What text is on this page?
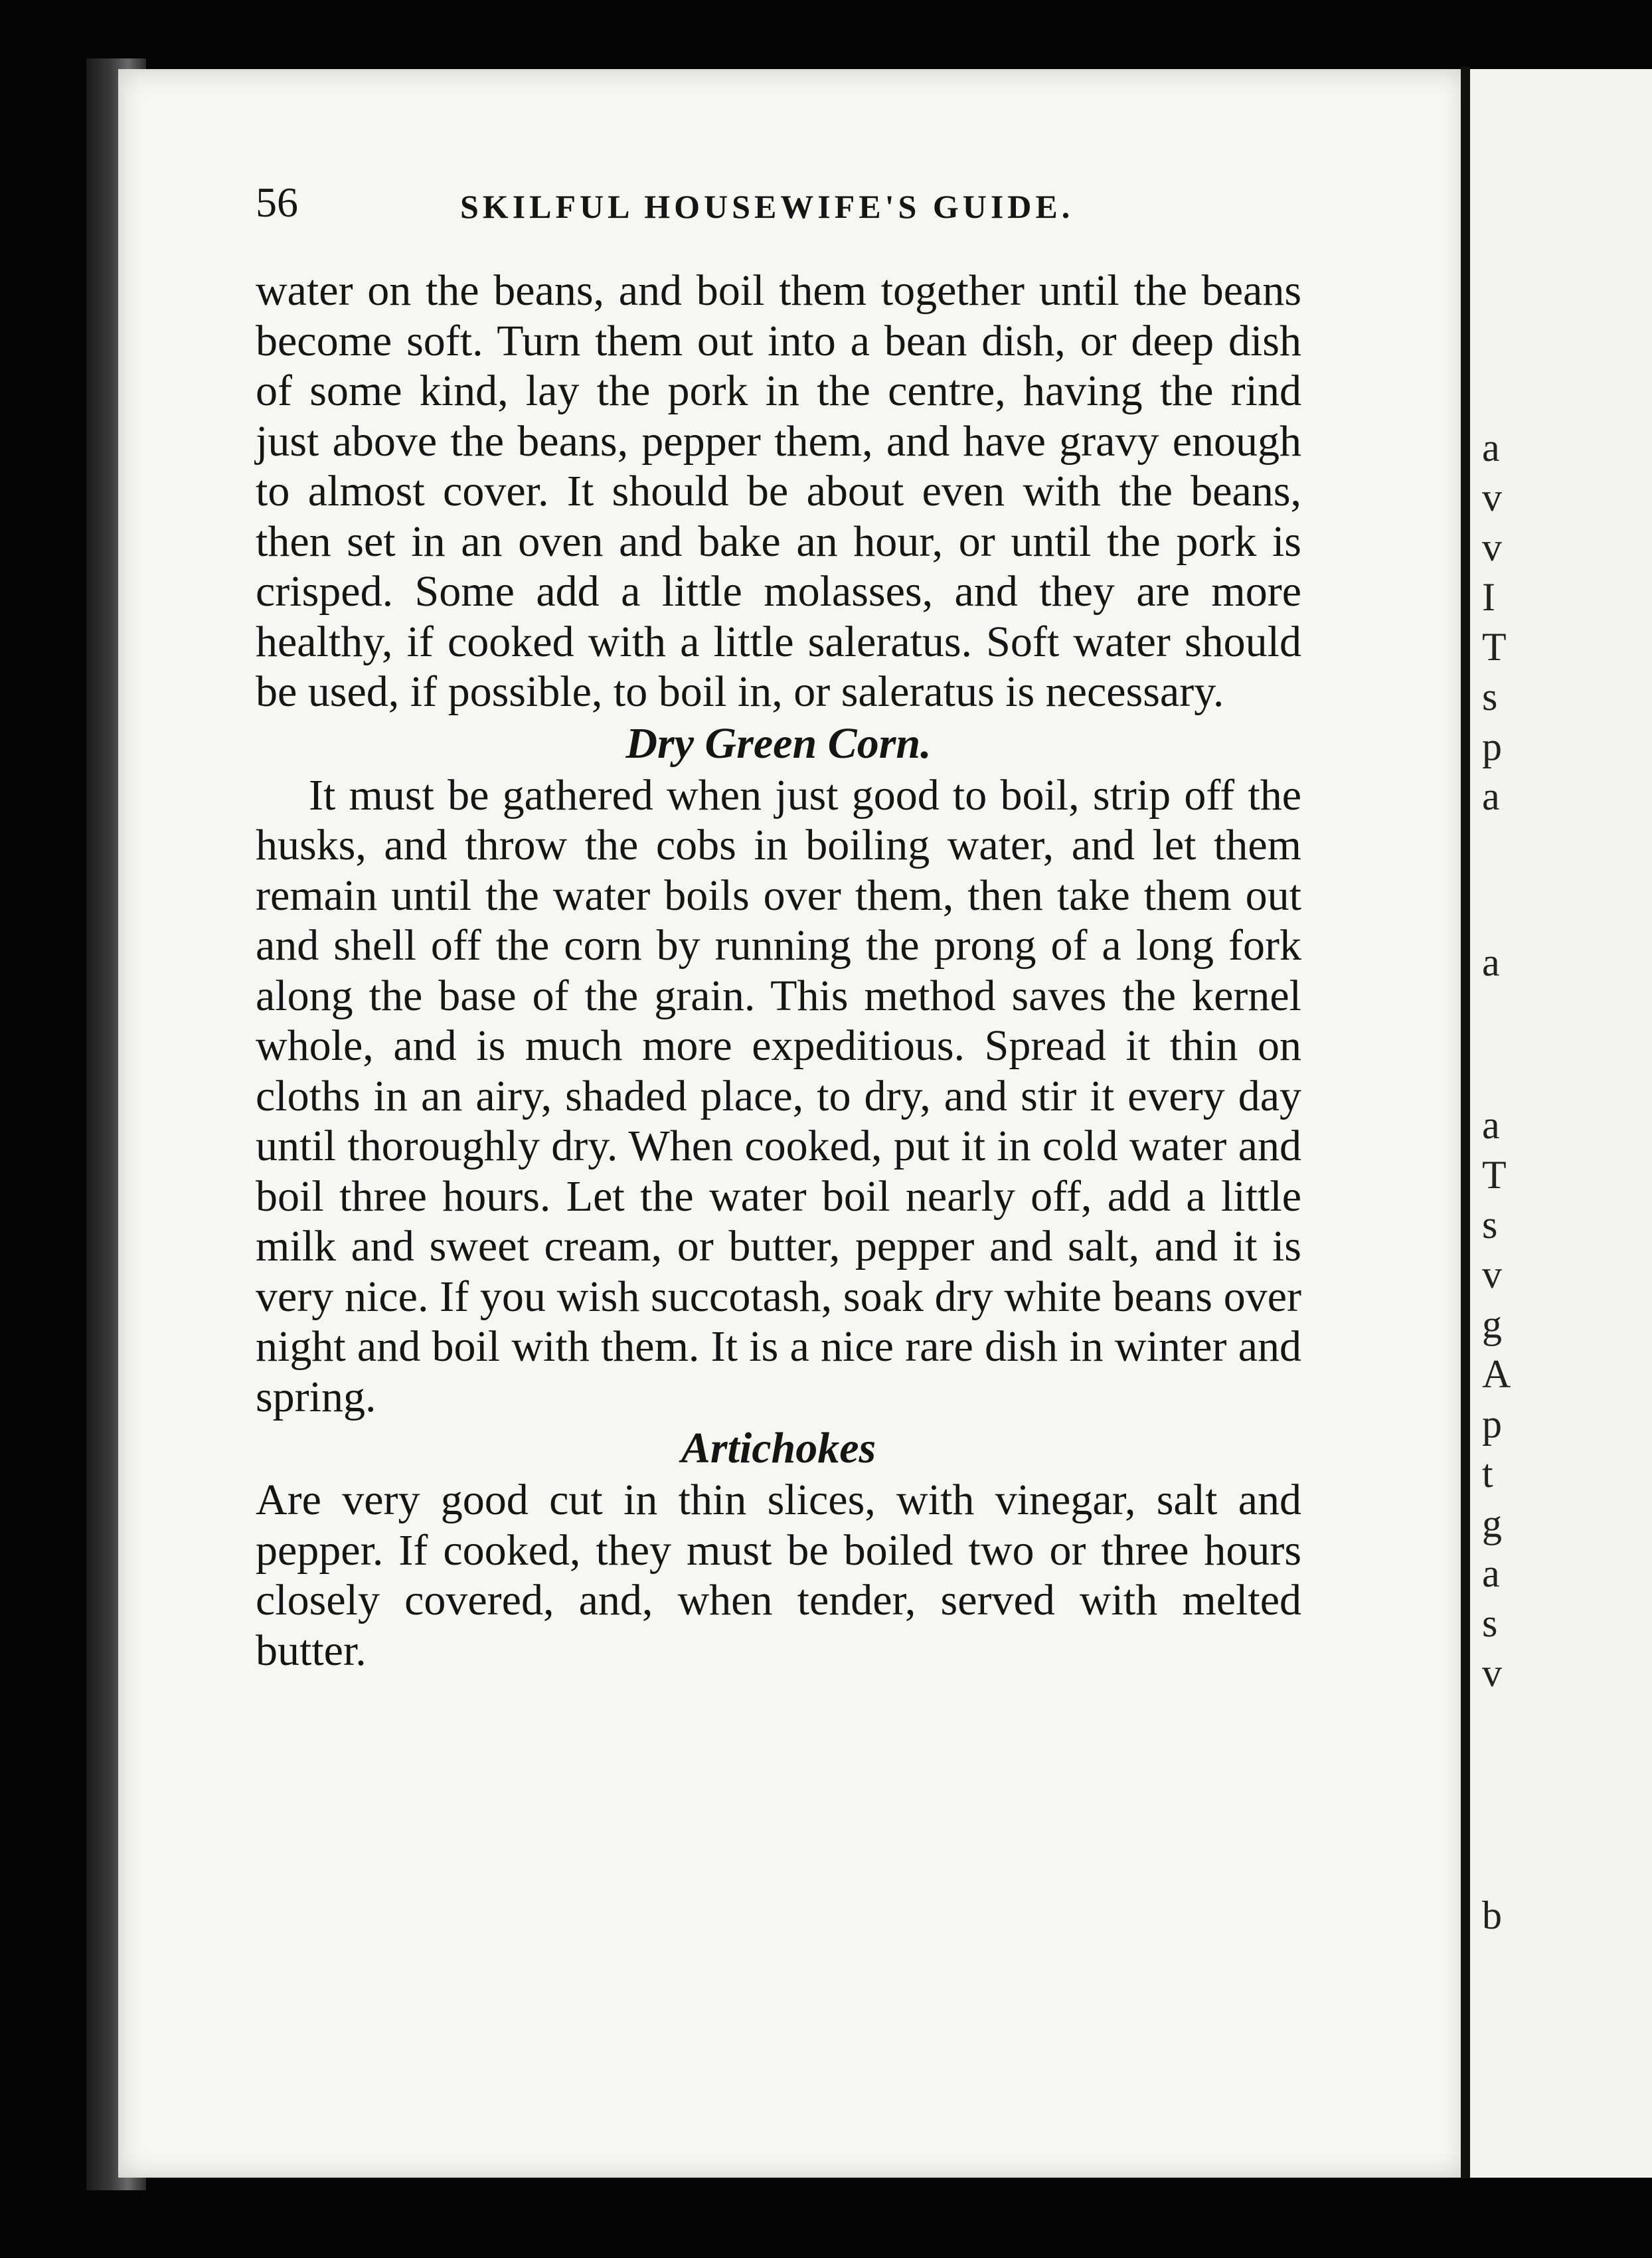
a
v
v
I
T
s
p
a
a
a
T
s
v
g
A
p
t
g
a
s
v
b
56	SKILFUL HOUSEWIFE'S GUIDE.

water on the beans, and boil them together until the beans become soft. Turn them out into a bean dish, or deep dish of some kind, lay the pork in the centre, having the rind just above the beans, pepper them, and have gravy enough to almost cover. It should be about even with the beans, then set in an oven and bake an hour, or until the pork is crisped. Some add a little molasses, and they are more healthy, if cooked with a little saleratus. Soft water should be used, if possible, to boil in, or saleratus is necessary.

Dry Green Corn.

It must be gathered when just good to boil, strip off the husks, and throw the cobs in boiling water, and let them remain until the water boils over them, then take them out and shell off the corn by running the prong of a long fork along the base of the grain. This method saves the kernel whole, and is much more expeditious. Spread it thin on cloths in an airy, shaded place, to dry, and stir it every day until thoroughly dry. When cooked, put it in cold water and boil three hours. Let the water boil nearly off, add a little milk and sweet cream, or butter, pepper and salt, and it is very nice. If you wish succotash, soak dry white beans over night and boil with them. It is a nice rare dish in winter and spring.

Artichokes

Are very good cut in thin slices, with vinegar, salt and pepper. If cooked, they must be boiled two or three hours closely covered, and, when tender, served with melted butter.
